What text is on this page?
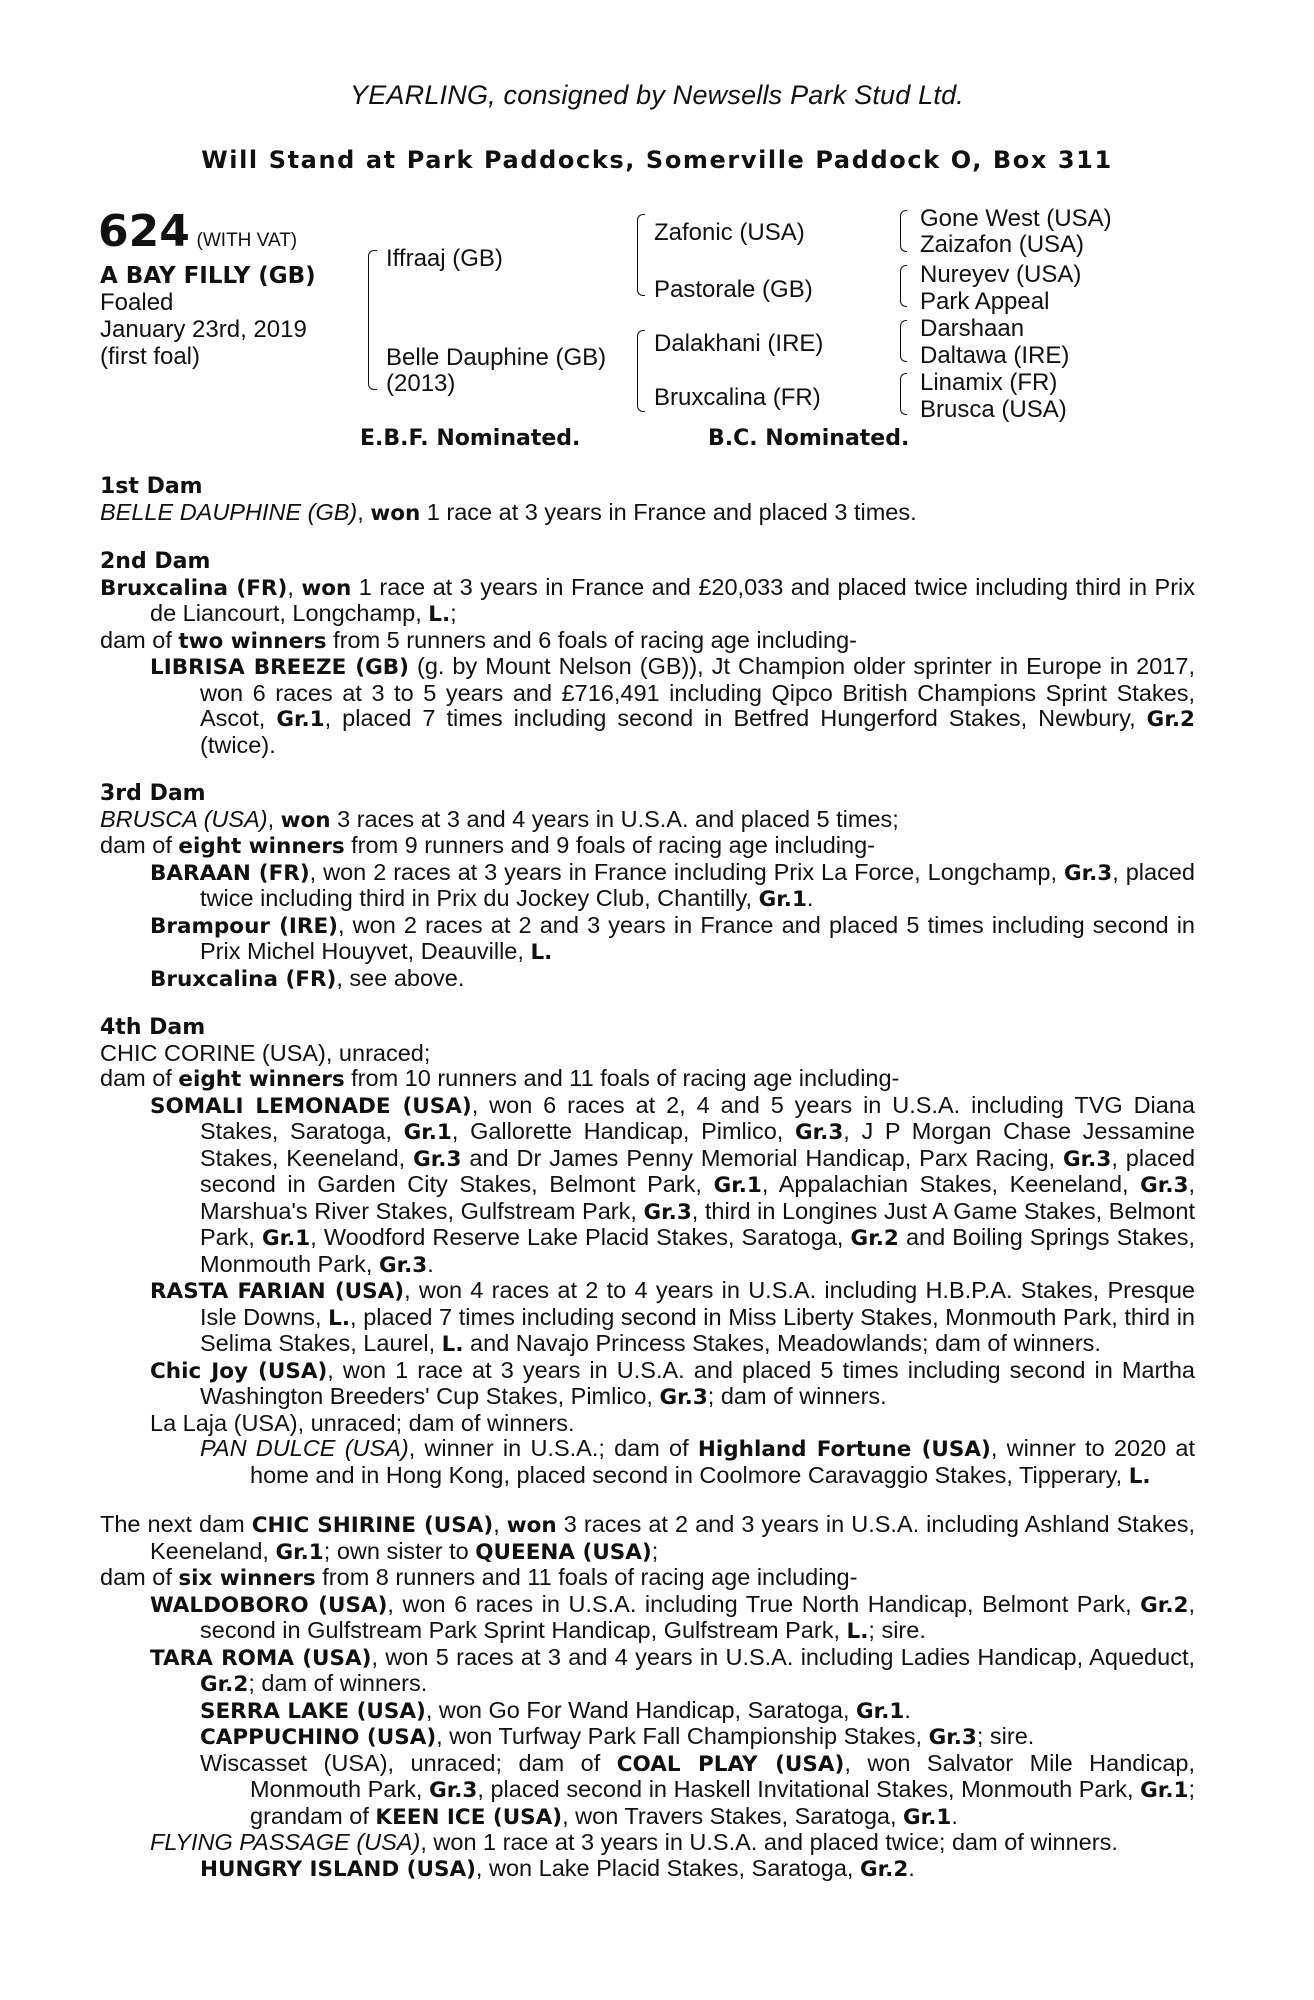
YEARLING, consigned by Newsells Park Stud Ltd.
Will Stand at Park Paddocks, Somerville Paddock O, Box 311
624 (WITH VAT)
A BAY FILLY (GB)
Foaled
January 23rd, 2019
(first foal)
Iffraaj (GB)
Belle Dauphine (GB)
(2013)
Zafonic (USA)
Pastorale (GB)
Dalakhani (IRE)
Bruxcalina (FR)
Gone West (USA)
Zaizafon (USA)
Nureyev (USA)
Park Appeal
Darshaan
Daltawa (IRE)
Linamix (FR)
Brusca (USA)
E.B.F. Nominated.	B.C. Nominated.
1st Dam
BELLE DAUPHINE (GB), won 1 race at 3 years in France and placed 3 times.
2nd Dam
Bruxcalina (FR), won 1 race at 3 years in France and £20,033 and placed twice including third in Prix de Liancourt, Longchamp, L.;
dam of two winners from 5 runners and 6 foals of racing age including-
LIBRISA BREEZE (GB) (g. by Mount Nelson (GB)), Jt Champion older sprinter in Europe in 2017, won 6 races at 3 to 5 years and £716,491 including Qipco British Champions Sprint Stakes, Ascot, Gr.1, placed 7 times including second in Betfred Hungerford Stakes, Newbury, Gr.2 (twice).
3rd Dam
BRUSCA (USA), won 3 races at 3 and 4 years in U.S.A. and placed 5 times;
dam of eight winners from 9 runners and 9 foals of racing age including-
BARAAN (FR), won 2 races at 3 years in France including Prix La Force, Longchamp, Gr.3, placed twice including third in Prix du Jockey Club, Chantilly, Gr.1.
Brampour (IRE), won 2 races at 2 and 3 years in France and placed 5 times including second in Prix Michel Houyvet, Deauville, L.
Bruxcalina (FR), see above.
4th Dam
CHIC CORINE (USA), unraced;
dam of eight winners from 10 runners and 11 foals of racing age including-
SOMALI LEMONADE (USA), won 6 races at 2, 4 and 5 years in U.S.A. including TVG Diana Stakes, Saratoga, Gr.1, Gallorette Handicap, Pimlico, Gr.3, J P Morgan Chase Jessamine Stakes, Keeneland, Gr.3 and Dr James Penny Memorial Handicap, Parx Racing, Gr.3, placed second in Garden City Stakes, Belmont Park, Gr.1, Appalachian Stakes, Keeneland, Gr.3, Marshua's River Stakes, Gulfstream Park, Gr.3, third in Longines Just A Game Stakes, Belmont Park, Gr.1, Woodford Reserve Lake Placid Stakes, Saratoga, Gr.2 and Boiling Springs Stakes, Monmouth Park, Gr.3.
RASTA FARIAN (USA), won 4 races at 2 to 4 years in U.S.A. including H.B.P.A. Stakes, Presque Isle Downs, L., placed 7 times including second in Miss Liberty Stakes, Monmouth Park, third in Selima Stakes, Laurel, L. and Navajo Princess Stakes, Meadowlands; dam of winners.
Chic Joy (USA), won 1 race at 3 years in U.S.A. and placed 5 times including second in Martha Washington Breeders' Cup Stakes, Pimlico, Gr.3; dam of winners.
La Laja (USA), unraced; dam of winners.
PAN DULCE (USA), winner in U.S.A.; dam of Highland Fortune (USA), winner to 2020 at home and in Hong Kong, placed second in Coolmore Caravaggio Stakes, Tipperary, L.
The next dam CHIC SHIRINE (USA), won 3 races at 2 and 3 years in U.S.A. including Ashland Stakes, Keeneland, Gr.1; own sister to QUEENA (USA);
dam of six winners from 8 runners and 11 foals of racing age including-
WALDOBORO (USA), won 6 races in U.S.A. including True North Handicap, Belmont Park, Gr.2, second in Gulfstream Park Sprint Handicap, Gulfstream Park, L.; sire.
TARA ROMA (USA), won 5 races at 3 and 4 years in U.S.A. including Ladies Handicap, Aqueduct, Gr.2; dam of winners.
SERRA LAKE (USA), won Go For Wand Handicap, Saratoga, Gr.1.
CAPPUCHINO (USA), won Turfway Park Fall Championship Stakes, Gr.3; sire.
Wiscasset (USA), unraced; dam of COAL PLAY (USA), won Salvator Mile Handicap, Monmouth Park, Gr.3, placed second in Haskell Invitational Stakes, Monmouth Park, Gr.1; grandam of KEEN ICE (USA), won Travers Stakes, Saratoga, Gr.1.
FLYING PASSAGE (USA), won 1 race at 3 years in U.S.A. and placed twice; dam of winners.
HUNGRY ISLAND (USA), won Lake Placid Stakes, Saratoga, Gr.2.
